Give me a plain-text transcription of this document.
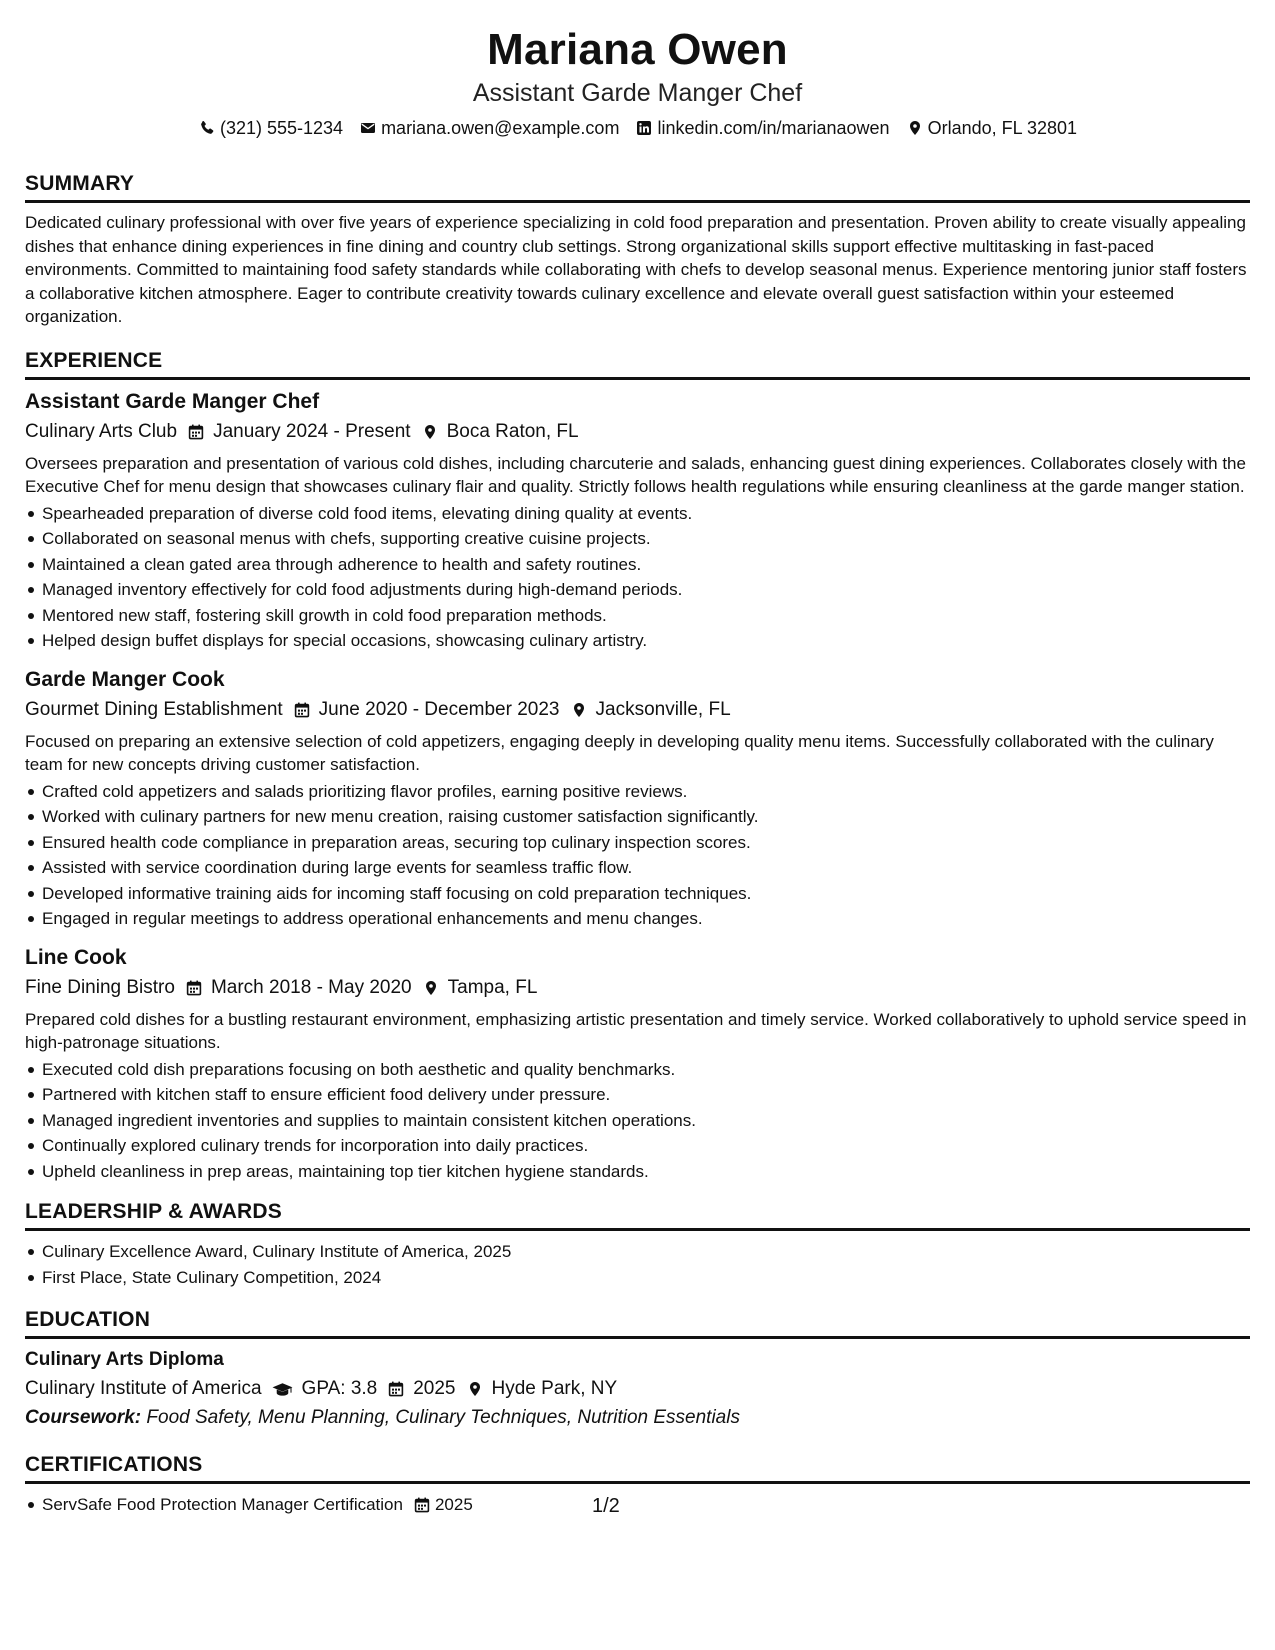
Mariana Owen
Assistant Garde Manger Chef
(321) 555-1234 mariana.owen@example.com linkedin.com/in/marianaowen Orlando, FL 32801
SUMMARY

Dedicated culinary professional with over five years of experience specializing in cold food preparation and presentation. Proven ability to create visually appealing dishes that enhance dining experiences in fine dining and country club settings. Strong organizational skills support effective multitasking in fast-paced environments. Committed to maintaining food safety standards while collaborating with chefs to develop seasonal menus. Experience mentoring junior staff fosters a collaborative kitchen atmosphere. Eager to contribute creativity towards culinary excellence and elevate overall guest satisfaction within your esteemed organization.

EXPERIENCE
Assistant Garde Manger Chef
Culinary Arts Club January 2024 - Present Boca Raton, FL

Oversees preparation and presentation of various cold dishes, including charcuterie and salads, enhancing guest dining experiences. Collaborates closely with the Executive Chef for menu design that showcases culinary flair and quality. Strictly follows health regulations while ensuring cleanliness at the garde manger station.

Spearheaded preparation of diverse cold food items, elevating dining quality at events.
Collaborated on seasonal menus with chefs, supporting creative cuisine projects.
Maintained a clean gated area through adherence to health and safety routines.
Managed inventory effectively for cold food adjustments during high-demand periods.
Mentored new staff, fostering skill growth in cold food preparation methods.
Helped design buffet displays for special occasions, showcasing culinary artistry.
Garde Manger Cook
Gourmet Dining Establishment June 2020 - December 2023 Jacksonville, FL

Focused on preparing an extensive selection of cold appetizers, engaging deeply in developing quality menu items. Successfully collaborated with the culinary team for new concepts driving customer satisfaction.

Crafted cold appetizers and salads prioritizing flavor profiles, earning positive reviews.
Worked with culinary partners for new menu creation, raising customer satisfaction significantly.
Ensured health code compliance in preparation areas, securing top culinary inspection scores.
Assisted with service coordination during large events for seamless traffic flow.
Developed informative training aids for incoming staff focusing on cold preparation techniques.
Engaged in regular meetings to address operational enhancements and menu changes.
Line Cook
Fine Dining Bistro March 2018 - May 2020 Tampa, FL

Prepared cold dishes for a bustling restaurant environment, emphasizing artistic presentation and timely service. Worked collaboratively to uphold service speed in high-patronage situations.

Executed cold dish preparations focusing on both aesthetic and quality benchmarks.
Partnered with kitchen staff to ensure efficient food delivery under pressure.
Managed ingredient inventories and supplies to maintain consistent kitchen operations.
Continually explored culinary trends for incorporation into daily practices.
Upheld cleanliness in prep areas, maintaining top tier kitchen hygiene standards.
LEADERSHIP & AWARDS
Culinary Excellence Award, Culinary Institute of America, 2025
First Place, State Culinary Competition, 2024
EDUCATION
Culinary Arts Diploma
Culinary Institute of America GPA: 3.8 2025 Hyde Park, NY
Coursework: Food Safety, Menu Planning, Culinary Techniques, Nutrition Essentials
CERTIFICATIONS
ServSafe Food Protection Manager Certification 2025	1/2
